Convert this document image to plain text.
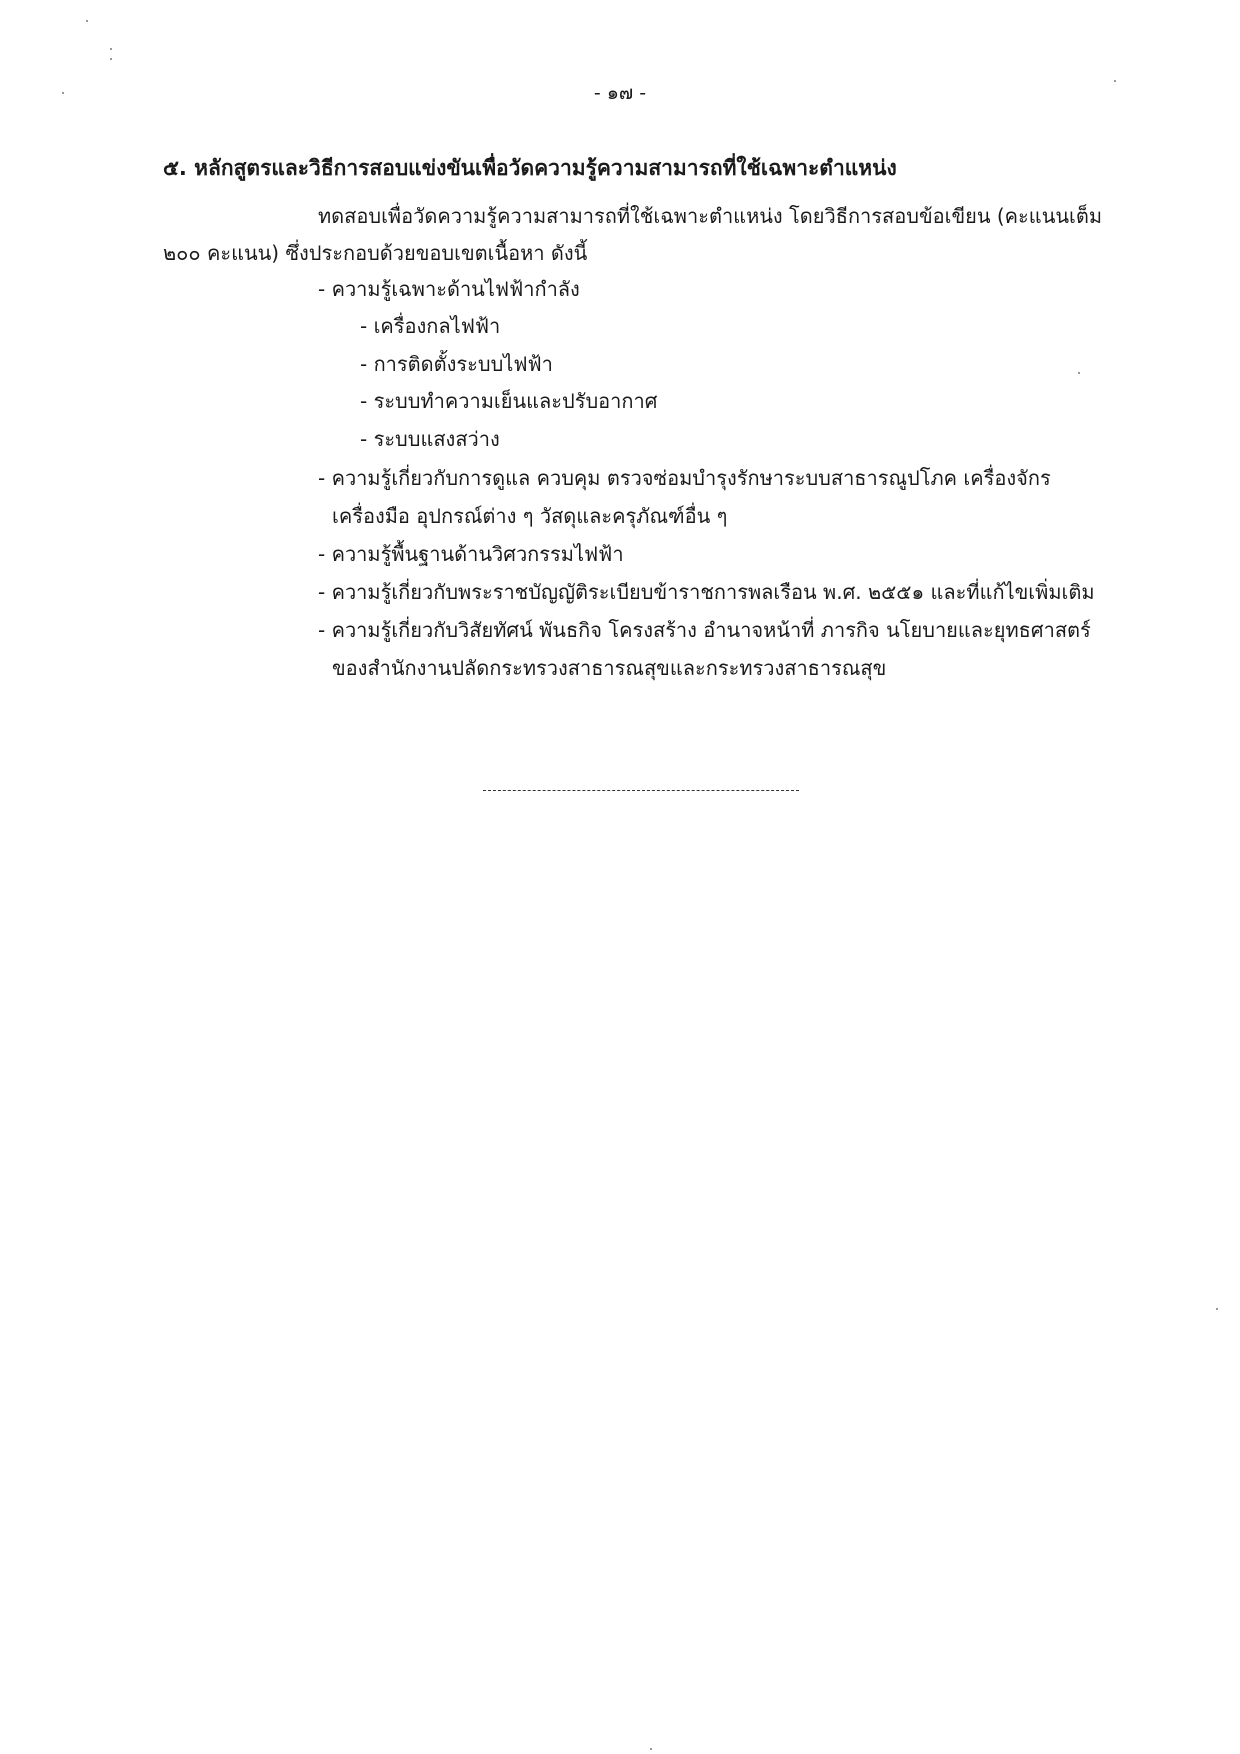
- ๑๗ -
๕. หลักสูตรและวิธีการสอบแข่งขันเพื่อวัดความรู้ความสามารถที่ใช้เฉพาะตำแหน่ง
ทดสอบเพื่อวัดความรู้ความสามารถที่ใช้เฉพาะตำแหน่ง โดยวิธีการสอบข้อเขียน (คะแนนเต็ม
๒๐๐ คะแนน) ซึ่งประกอบด้วยขอบเขตเนื้อหา ดังนี้
- ความรู้เฉพาะด้านไฟฟ้ากำลัง
- เครื่องกลไฟฟ้า
- การติดตั้งระบบไฟฟ้า
- ระบบทำความเย็นและปรับอากาศ
- ระบบแสงสว่าง
- ความรู้เกี่ยวกับการดูแล ควบคุม ตรวจซ่อมบำรุงรักษาระบบสาธารณูปโภค เครื่องจักร
เครื่องมือ อุปกรณ์ต่าง ๆ วัสดุและครุภัณฑ์อื่น ๆ
- ความรู้พื้นฐานด้านวิศวกรรมไฟฟ้า
- ความรู้เกี่ยวกับพระราชบัญญัติระเบียบข้าราชการพลเรือน พ.ศ. ๒๕๕๑ และที่แก้ไขเพิ่มเติม
- ความรู้เกี่ยวกับวิสัยทัศน์ พันธกิจ โครงสร้าง อำนาจหน้าที่ ภารกิจ นโยบายและยุทธศาสตร์
ของสำนักงานปลัดกระทรวงสาธารณสุขและกระทรวงสาธารณสุข
